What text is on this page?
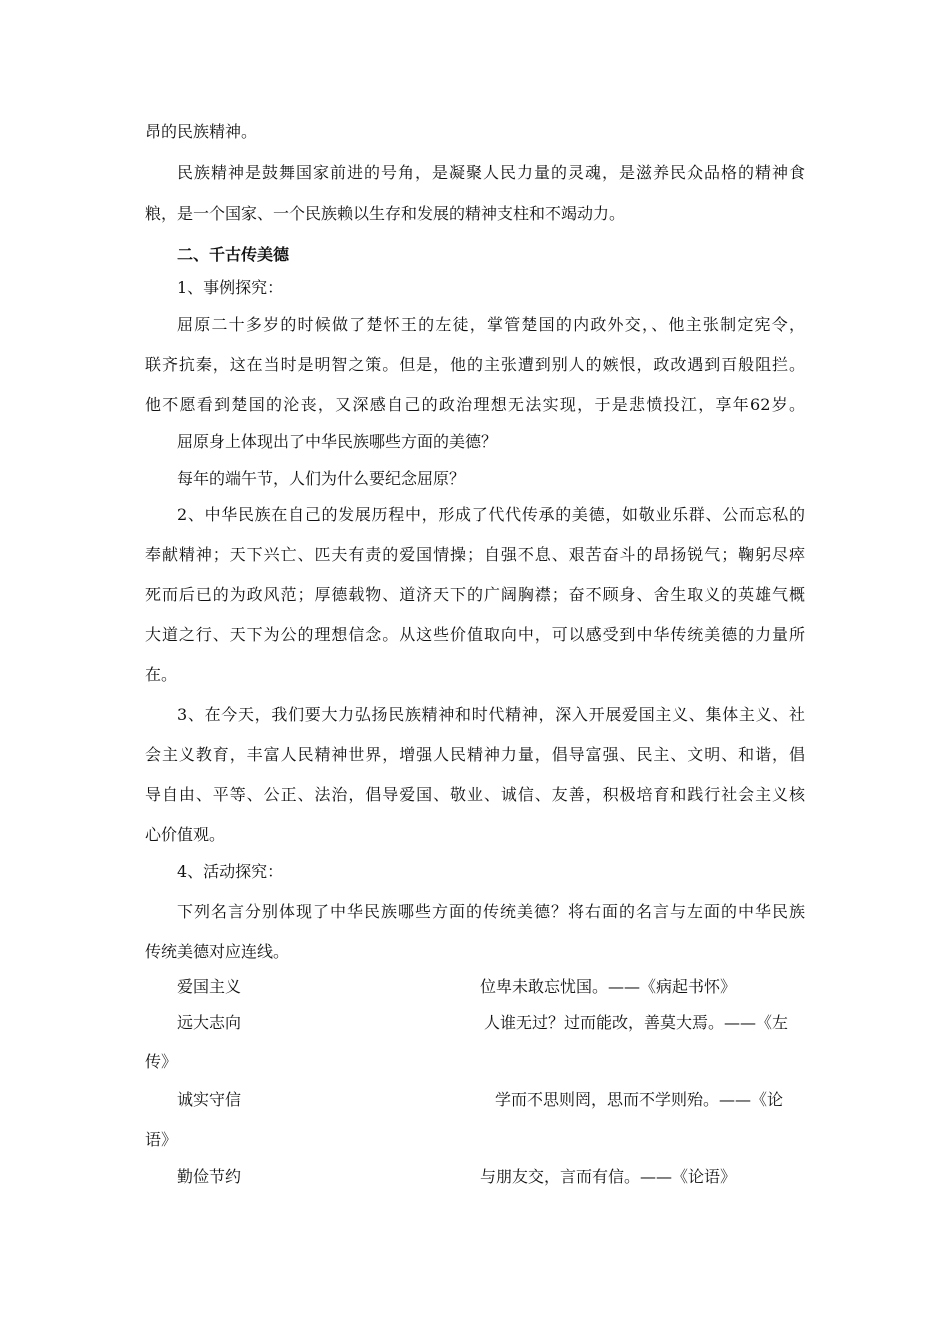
昂的民族精神。

民族精神是鼓舞国家前进的号角，是凝聚人民力量的灵魂，是滋养民众品格的精神食

粮，是一个国家、一个民族赖以生存和发展的精神支柱和不竭动力。

二、千古传美德

1、事例探究：

屈原二十多岁的时候做了楚怀王的左徒，掌管楚国的内政外交，、他主张制定宪令，

联齐抗秦，这在当时是明智之策。但是，他的主张遭到别人的嫉恨，政改遇到百般阻拦。

他不愿看到楚国的沦丧，又深感自己的政治理想无法实现，于是悲愤投江，享年62岁。

屈原身上体现出了中华民族哪些方面的美德？

每年的端午节，人们为什么要纪念屈原？

2、中华民族在自己的发展历程中，形成了代代传承的美德，如敬业乐群、公而忘私的

奉献精神；天下兴亡、匹夫有责的爱国情操；自强不息、艰苦奋斗的昂扬锐气；鞠躬尽瘁

死而后已的为政风范；厚德载物、道济天下的广阔胸襟；奋不顾身、舍生取义的英雄气概

大道之行、天下为公的理想信念。从这些价值取向中，可以感受到中华传统美德的力量所

在。

3、在今天，我们要大力弘扬民族精神和时代精神，深入开展爱国主义、集体主义、社

会主义教育，丰富人民精神世界，增强人民精神力量，倡导富强、民主、文明、和谐，倡

导自由、平等、公正、法治，倡导爱国、敬业、诚信、友善，积极培育和践行社会主义核

心价值观。

4、活动探究：

下列名言分别体现了中华民族哪些方面的传统美德？将右面的名言与左面的中华民族

传统美德对应连线。

爱国主义	位卑未敢忘忧国。——《病起书怀》
远大志向	人谁无过？过而能改，善莫大焉。——《左

传》

诚实守信	学而不思则罔，思而不学则殆。——《论

语》

勤俭节约	与朋友交，言而有信。——《论语》
